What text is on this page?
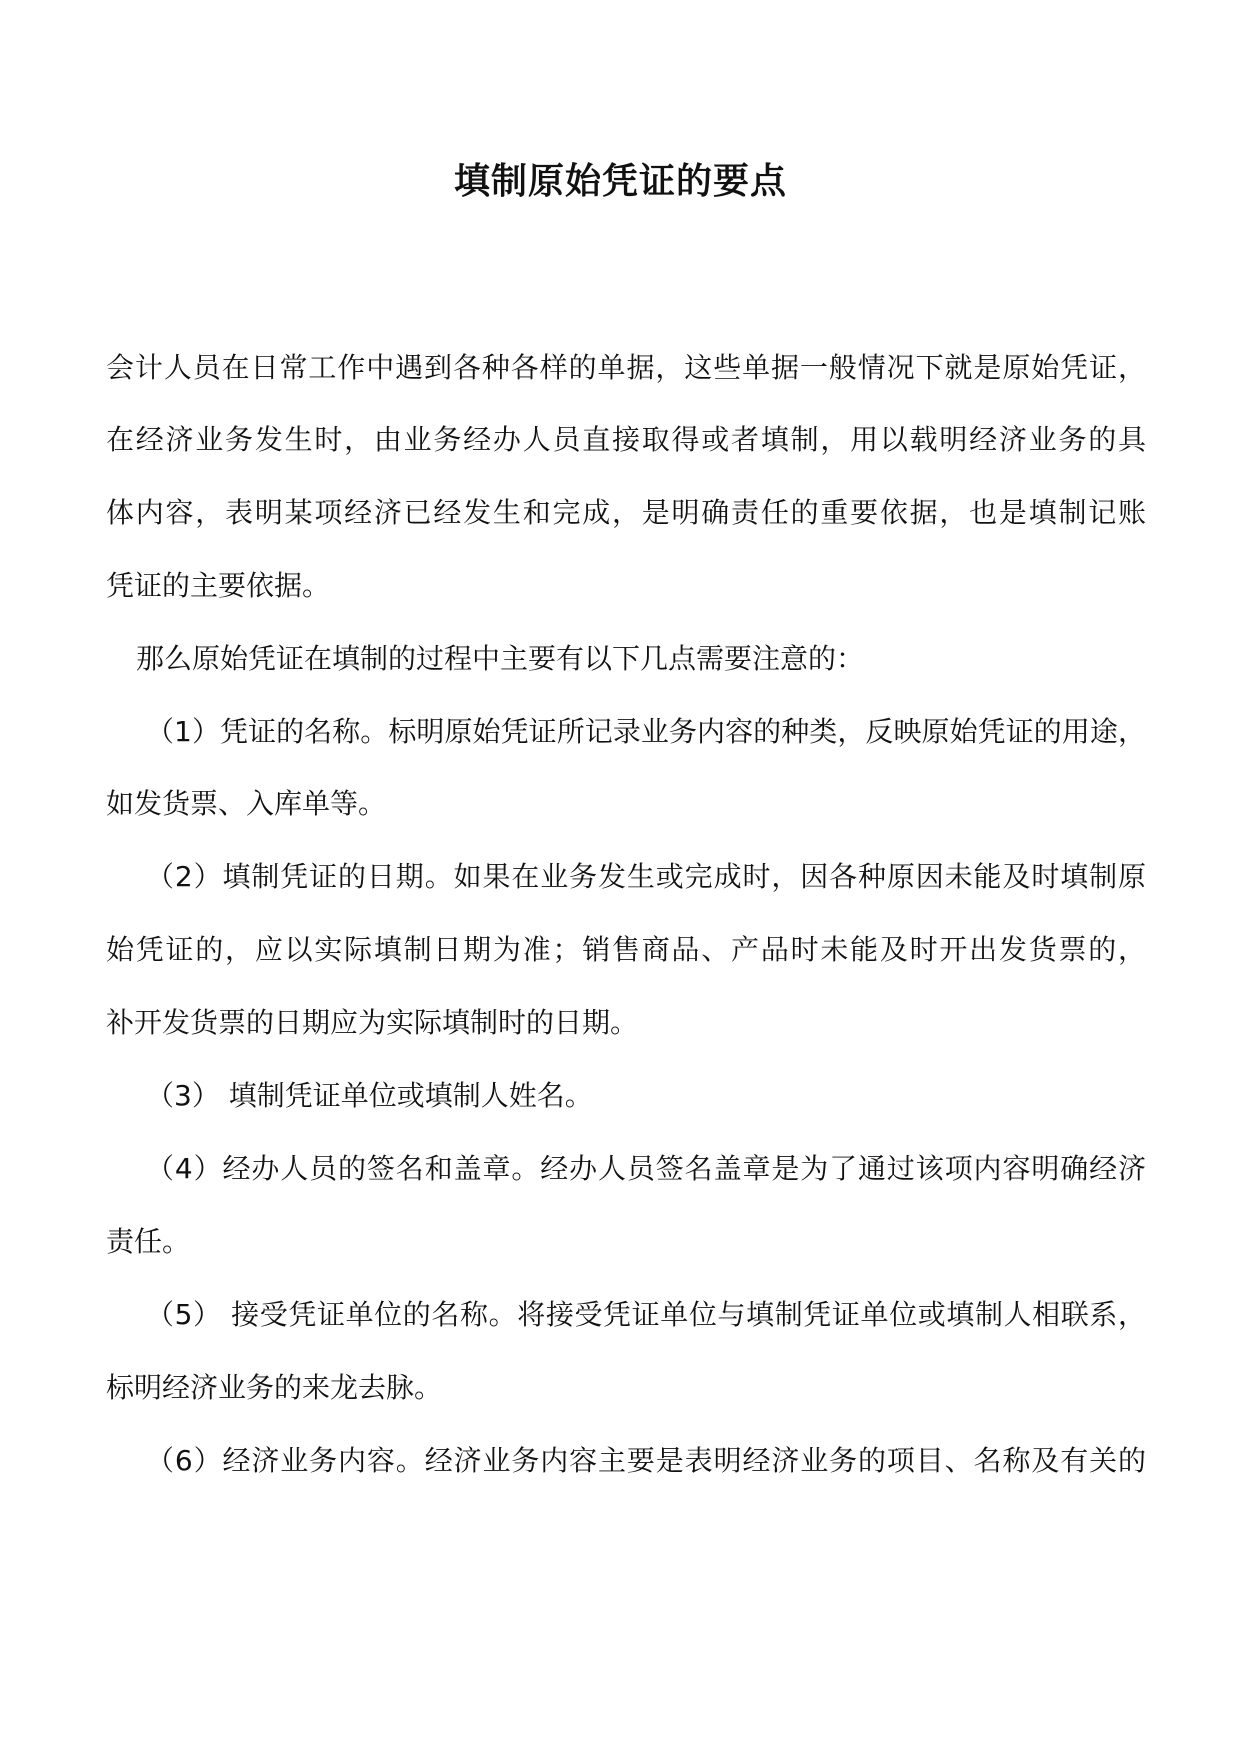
填制原始凭证的要点
会计人员在日常工作中遇到各种各样的单据，这些单据一般情况下就是原始凭证，
在经济业务发生时，由业务经办人员直接取得或者填制，用以载明经济业务的具
体内容，表明某项经济已经发生和完成，是明确责任的重要依据，也是填制记账
凭证的主要依据。
那么原始凭证在填制的过程中主要有以下几点需要注意的：
（1）凭证的名称。标明原始凭证所记录业务内容的种类，反映原始凭证的用途，
如发货票、入库单等。
（2）填制凭证的日期。如果在业务发生或完成时，因各种原因未能及时填制原
始凭证的，应以实际填制日期为准；销售商品、产品时未能及时开出发货票的，
补开发货票的日期应为实际填制时的日期。
（3） 填制凭证单位或填制人姓名。
（4）经办人员的签名和盖章。经办人员签名盖章是为了通过该项内容明确经济
责任。
（5） 接受凭证单位的名称。将接受凭证单位与填制凭证单位或填制人相联系，
标明经济业务的来龙去脉。
（6）经济业务内容。经济业务内容主要是表明经济业务的项目、名称及有关的
